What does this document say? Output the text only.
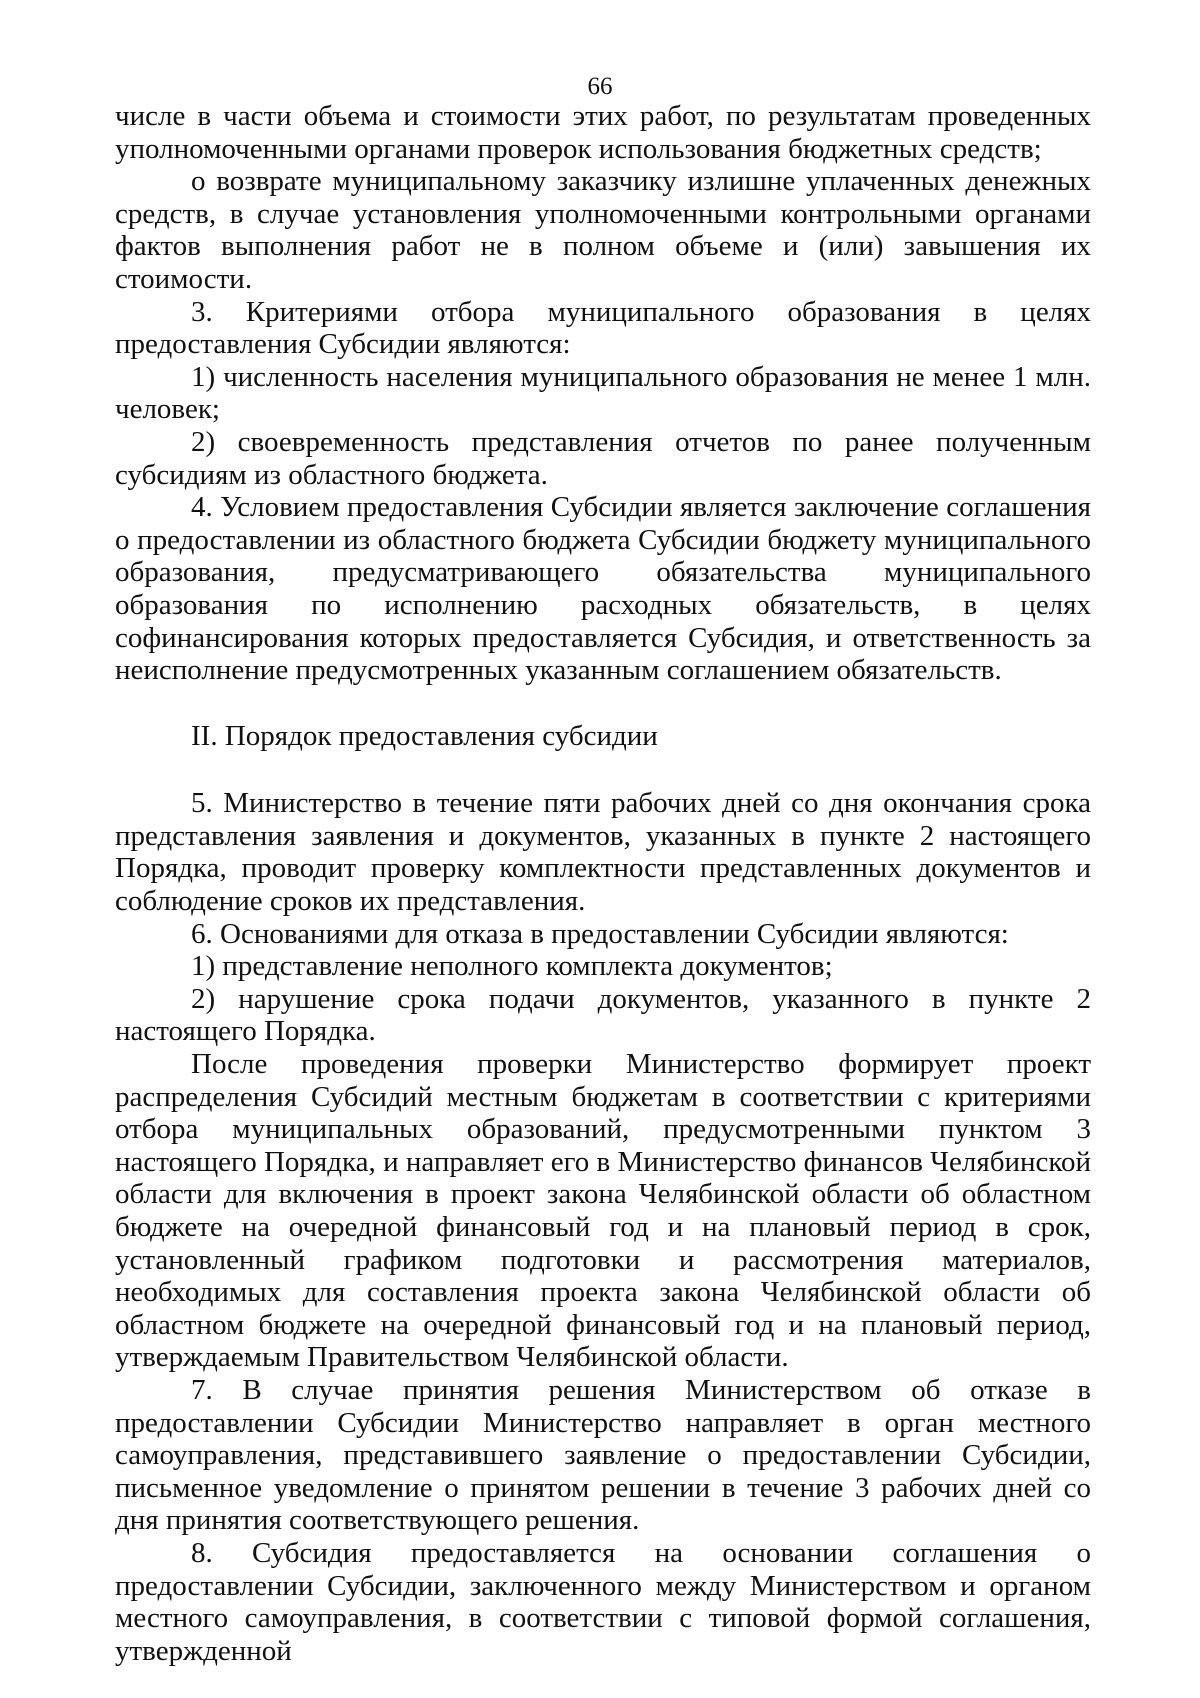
66

числе в части объема и стоимости этих работ, по результатам проведенных уполномоченными органами проверок использования бюджетных средств;

о возврате муниципальному заказчику излишне уплаченных денежных средств, в случае установления уполномоченными контрольными органами фактов выполнения работ не в полном объеме и (или) завышения их стоимости.

3. Критериями отбора муниципального образования в целях предоставления Субсидии являются:

1) численность населения муниципального образования не менее 1 млн. человек;

2) своевременность представления отчетов по ранее полученным субсидиям из областного бюджета.

4. Условием предоставления Субсидии является заключение соглашения о предоставлении из областного бюджета Субсидии бюджету муниципального образования, предусматривающего обязательства муниципального образования по исполнению расходных обязательств, в целях софинансирования которых предоставляется Субсидия, и ответственность за неисполнение предусмотренных указанным соглашением обязательств.

II. Порядок предоставления субсидии

5. Министерство в течение пяти рабочих дней со дня окончания срока представления заявления и документов, указанных в пункте 2 настоящего Порядка, проводит проверку комплектности представленных документов и соблюдение сроков их представления.

6. Основаниями для отказа в предоставлении Субсидии являются:

1) представление неполного комплекта документов;

2) нарушение срока подачи документов, указанного в пункте 2 настоящего Порядка.

После проведения проверки Министерство формирует проект распределения Субсидий местным бюджетам в соответствии с критериями отбора муниципальных образований, предусмотренными пунктом 3 настоящего Порядка, и направляет его в Министерство финансов Челябинской области для включения в проект закона Челябинской области об областном бюджете на очередной финансовый год и на плановый период в срок, установленный графиком подготовки и рассмотрения материалов, необходимых для составления проекта закона Челябинской области об областном бюджете на очередной финансовый год и на плановый период, утверждаемым Правительством Челябинской области.

7. В случае принятия решения Министерством об отказе в предоставлении Субсидии Министерство направляет в орган местного самоуправления, представившего заявление о предоставлении Субсидии, письменное уведомление о принятом решении в течение 3 рабочих дней со дня принятия соответствующего решения.

8. Субсидия предоставляется на основании соглашения о предоставлении Субсидии, заключенного между Министерством и органом местного самоуправления, в соответствии с типовой формой соглашения, утвержденной
